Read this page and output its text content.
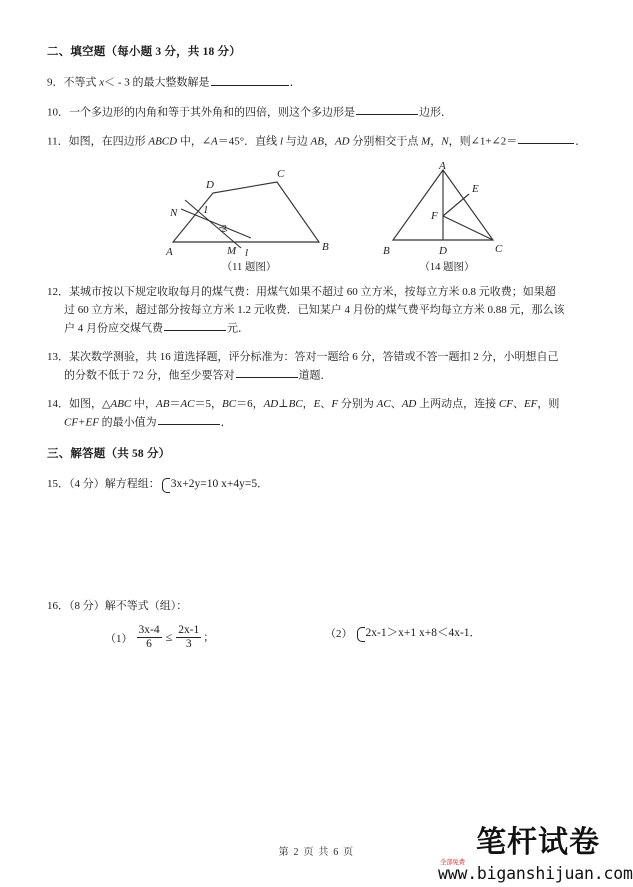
二、填空题（每小题 3 分，共 18 分）
9．不等式 x＜ - 3 的最大整数解是	．
10．一个多边形的内角和等于其外角和的四倍，则这个多边形是	边形．
11．如图，在四边形 ABCD 中，∠A＝45°．直线 l 与边 AB，AD 分别相交于点 M，N，则∠1+∠2＝	．
A	B
C
D
M
N
l
1
2
（11 题图）
A
B	C
D
E
F
（14 题图）
12．某城市按以下规定收取每月的煤气费：用煤气如果不超过 60 立方米，按每立方米 0.8 元收费；如果超
过 60 立方米，超过部分按每立方米 1.2 元收费．已知某户 4 月份的煤气费平均每立方米 0.88 元，那么该
户 4 月份应交煤气费	元．
13．某次数学测验，共 16 道选择题，评分标准为：答对一题给 6 分，答错或不答一题扣 2 分，小明想自己
的分数不低于 72 分，他至少要答对	道题．
14．如图，△ABC 中，AB＝AC＝5，BC＝6，AD⊥BC，E、F 分别为 AC、AD 上两动点，连接 CF、EF，则
CF+EF 的最小值为	．
三、解答题（共 58 分）
15．（4 分）解方程组： 3x+2y=10 x+4y=5．
16．（8 分）解不等式（组）：
$(1) \frac{3x-4}{6} \le \frac{2x-1}{3}$ ；	（2） 2x-1＞x+1 x+8＜4x-1．
第 2 页 共 6 页
全部免费
笔杆试卷
www.biganshijuan.com
